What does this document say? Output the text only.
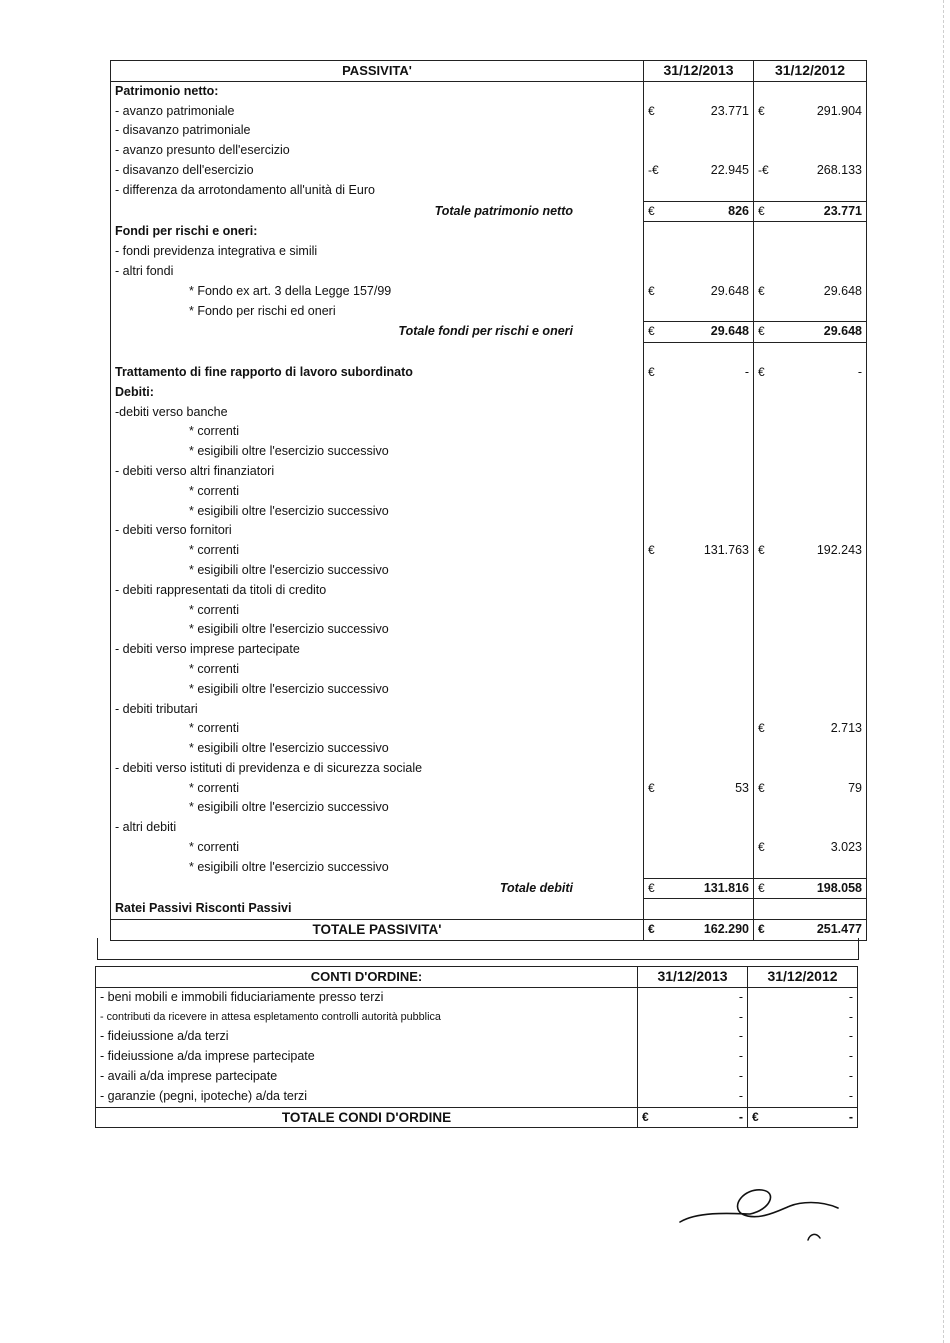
PASSIVITA'	31/12/2013	31/12/2012
Patrimonio netto:		
- avanzo patrimoniale	€ 23.771	€ 291.904

- disavanzo patrimoniale		
- avanzo presunto dell'esercizio		
- disavanzo dell'esercizio	-€ 22.945	-€ 268.133

- differenza da arrotondamento all'unità di Euro		
Totale patrimonio netto	€ 826	€ 23.771

Fondi per rischi e oneri:		
- fondi previdenza integrativa e simili		
- altri fondi		
* Fondo ex art. 3 della Legge 157/99	€ 29.648	€ 29.648

* Fondo per rischi ed oneri		
Totale fondi per rischi e oneri	€ 29.648	€ 29.648

Trattamento di fine rapporto di lavoro subordinato	€ -	€ -

Debiti:		
-debiti verso banche		
* correnti		
* esigibili oltre l'esercizio successivo		
- debiti verso altri finanziatori		
* correnti		
* esigibili oltre l'esercizio successivo		
- debiti verso fornitori		
* correnti	€ 131.763	€ 192.243

* esigibili oltre l'esercizio successivo		
- debiti rappresentati da titoli di credito		
* correnti		
* esigibili oltre l'esercizio successivo		
- debiti verso imprese partecipate		
* correnti		
* esigibili oltre l'esercizio successivo		
- debiti tributari		
* correnti		€ 2.713

* esigibili oltre l'esercizio successivo		
- debiti verso istituti di previdenza e di sicurezza sociale		
* correnti	€ 53	€ 79

* esigibili oltre l'esercizio successivo		
- altri debiti		
* correnti		€ 3.023

* esigibili oltre l'esercizio successivo		
Totale debiti	€ 131.816	€ 198.058

Ratei Passivi Risconti Passivi		
TOTALE PASSIVITA'	€ 162.290	€ 251.477
CONTI D'ORDINE:	31/12/2013	31/12/2012
- beni mobili e immobili fiduciariamente presso terzi	-	-

- contributi da ricevere in attesa espletamento controlli autorità pubblica	-	-

- fideiussione a/da terzi	-	-

- fideiussione a/da imprese partecipate	-	-

- availi a/da imprese partecipate	-	-

- garanzie (pegni, ipoteche) a/da terzi	-	-

TOTALE CONDI D'ORDINE	€ -	€ -
